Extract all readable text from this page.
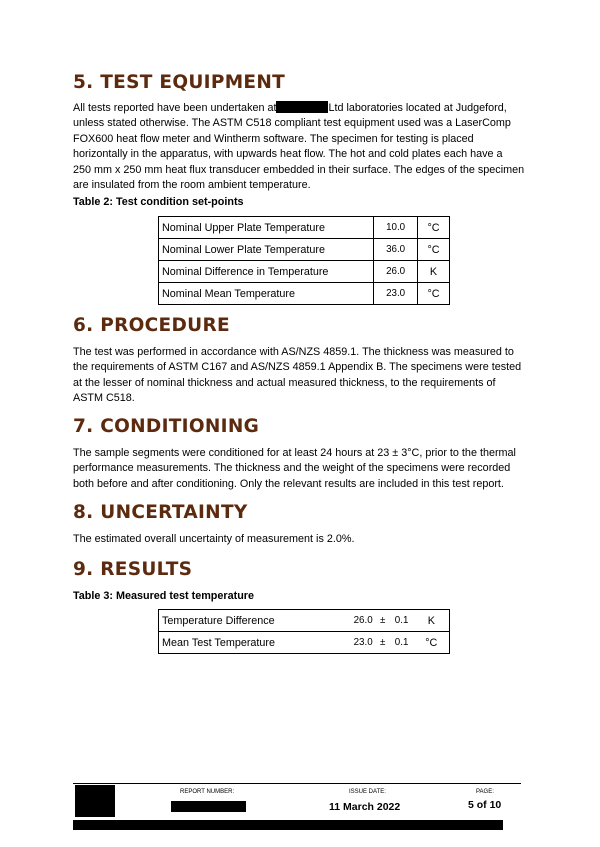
5. TEST EQUIPMENT
All tests reported have been undertaken at	Ltd laboratories located at Judgeford,
unless stated otherwise. The ASTM C518 compliant test equipment used was a LaserComp
FOX600 heat flow meter and Wintherm software. The specimen for testing is placed
horizontally in the apparatus, with upwards heat flow. The hot and cold plates each have a
250 mm x 250 mm heat flux transducer embedded in their surface. The edges of the specimen
are insulated from the room ambient temperature.

Table 2: Test condition set-points

Nominal Upper Plate Temperature	10.0	°C
Nominal Lower Plate Temperature	36.0	°C
Nominal Difference in Temperature	26.0	K
Nominal Mean Temperature	23.0	°C
6. PROCEDURE
The test was performed in accordance with AS/NZS 4859.1. The thickness was measured to
the requirements of ASTM C167 and AS/NZS 4859.1 Appendix B. The specimens were tested
at the lesser of nominal thickness and actual measured thickness, to the requirements of
ASTM C518.
7. CONDITIONING
The sample segments were conditioned for at least 24 hours at 23 ± 3°C, prior to the thermal
performance measurements. The thickness and the weight of the specimens were recorded
both before and after conditioning. Only the relevant results are included in this test report.
8. UNCERTAINTY

The estimated overall uncertainty of measurement is 2.0%.

9. RESULTS

Table 3: Measured test temperature

Temperature Difference	26.0	±	0.1	K
Mean Test Temperature	23.0	±	0.1	°C
REPORT NUMBER:	ISSUE DATE:
11 March 2022
PAGE:
5 of 10
